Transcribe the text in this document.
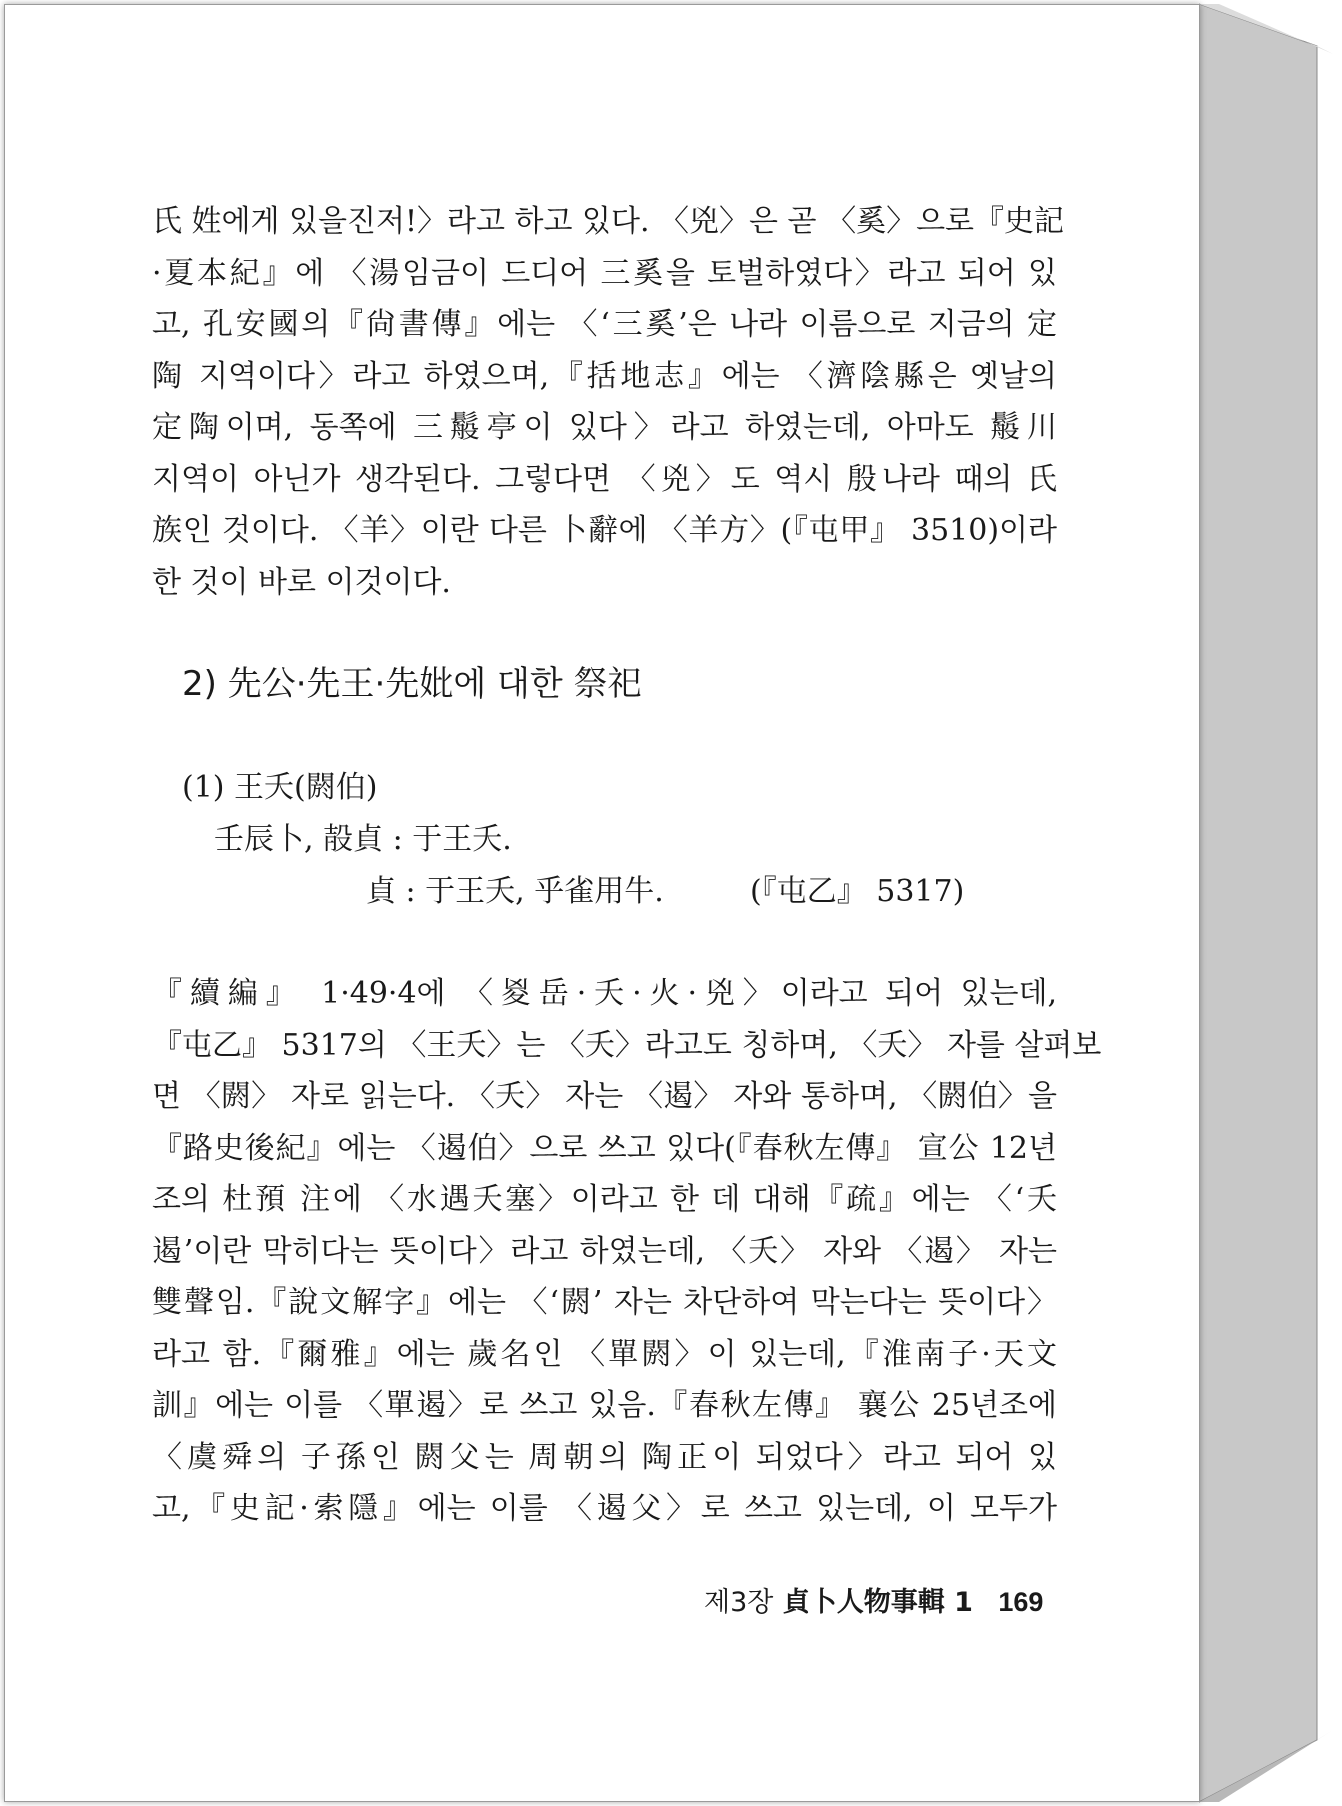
氏 姓에게 있을진저!〉라고 하고 있다. 〈兇〉은 곧 〈奚〉으로『史記
·夏本紀』에 〈湯임금이 드디어 三奚을 토벌하였다〉라고 되어 있
고, 孔安國의『尙書傳』에는 〈‘三奚’은 나라 이름으로 지금의 定
陶 지역이다〉라고 하였으며,『括地志』에는 〈濟陰縣은 옛날의
定陶이며, 동쪽에 三䰉亭이 있다〉라고 하였는데, 아마도 䰉川
지역이 아닌가 생각된다. 그렇다면 〈兇〉도 역시 殷나라 때의 氏
族인 것이다. 〈羊〉이란 다른 卜辭에 〈羊方〉(『屯甲』 3510)이라
한 것이 바로 이것이다.
2) 先公·先王·先妣에 대한 祭祀
(1) 王夭(閼伯)
壬辰卜, 㱿貞 : 于王夭.
貞 : 于王夭, 乎雀用牛.	(『屯乙』 5317)
『續編』 1·49·4에 〈㚇岳·夭·火·兇〉이라고 되어 있는데,
『屯乙』 5317의 〈王夭〉는 〈夭〉라고도 칭하며, 〈夭〉 자를 살펴보
면 〈閼〉 자로 읽는다. 〈夭〉 자는 〈遏〉 자와 통하며, 〈閼伯〉을
『路史後紀』에는 〈遏伯〉으로 쓰고 있다(『春秋左傳』 宣公 12년
조의 杜預 注에 〈水遇夭塞〉이라고 한 데 대해『疏』에는 〈‘夭
遏’이란 막히다는 뜻이다〉라고 하였는데, 〈夭〉 자와 〈遏〉 자는
雙聲임.『說文解字』에는 〈‘閼’ 자는 차단하여 막는다는 뜻이다〉
라고 함.『爾雅』에는 歲名인 〈單閼〉이 있는데,『淮南子·天文
訓』에는 이를 〈單遏〉로 쓰고 있음.『春秋左傳』 襄公 25년조에
〈虞舜의 子孫인 閼父는 周朝의 陶正이 되었다〉라고 되어 있
고,『史記·索隱』에는 이를 〈遏父〉로 쓰고 있는데, 이 모두가
제3장 貞卜人物事輯 1 169
